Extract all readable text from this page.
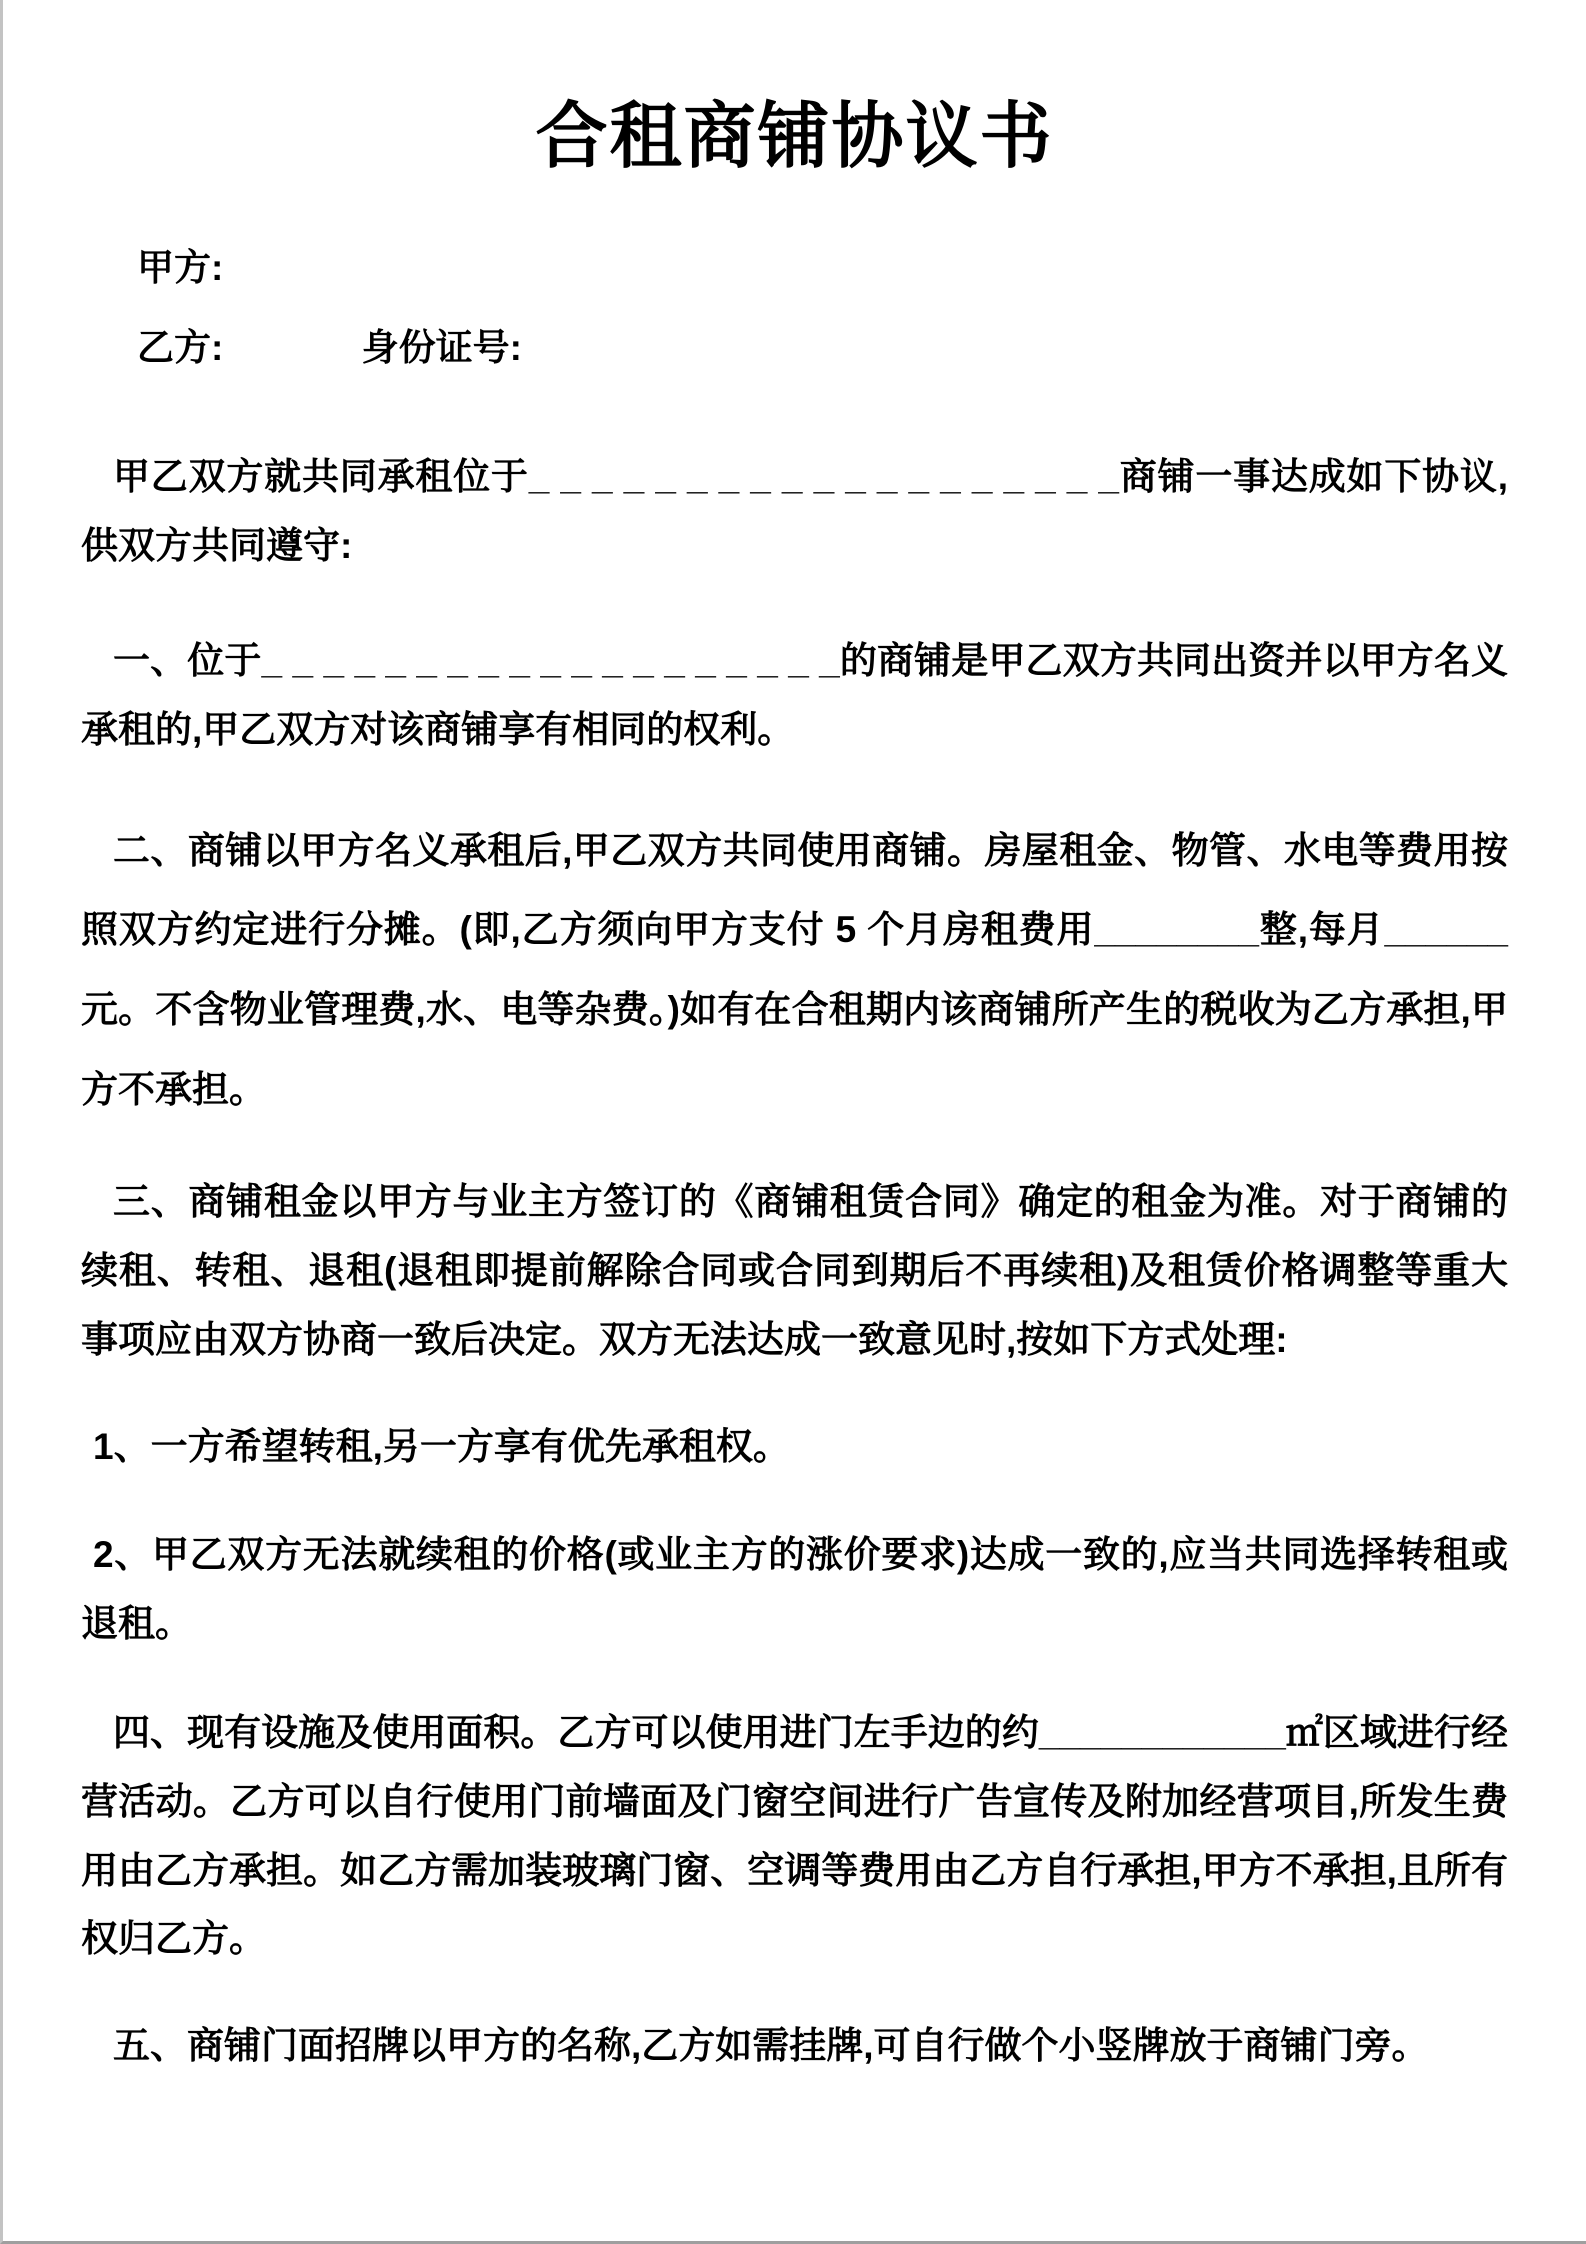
合租商铺协议书

甲方:

乙方:	身份证号:

甲乙双方就共同承租位于_ _ _ _ _ _ _ _ _ _ _ _ _ _ _ _ _ _ _商铺一事达成如下协议,供双方共同遵守:

一、位于_ _ _ _ _ _ _ _ _ _ _ _ _ _ _ _ _ _ _的商铺是甲乙双方共同出资并以甲方名义承租的,甲乙双方对该商铺享有相同的权利。

二、商铺以甲方名义承租后,甲乙双方共同使用商铺。房屋租金、物管、水电等费用按照双方约定进行分摊。(即,乙方须向甲方支付 5 个月房租费用________整,每月______元。不含物业管理费,水、电等杂费。)如有在合租期内该商铺所产生的税收为乙方承担,甲方不承担。

三、商铺租金以甲方与业主方签订的《商铺租赁合同》确定的租金为准。对于商铺的续租、转租、退租(退租即提前解除合同或合同到期后不再续租)及租赁价格调整等重大事项应由双方协商一致后决定。双方无法达成一致意见时,按如下方式处理:

1、一方希望转租,另一方享有优先承租权。

2、甲乙双方无法就续租的价格(或业主方的涨价要求)达成一致的,应当共同选择转租或退租。

四、现有设施及使用面积。乙方可以使用进门左手边的约____________㎡区域进行经营活动。乙方可以自行使用门前墙面及门窗空间进行广告宣传及附加经营项目,所发生费用由乙方承担。如乙方需加装玻璃门窗、空调等费用由乙方自行承担,甲方不承担,且所有权归乙方。

五、商铺门面招牌以甲方的名称,乙方如需挂牌,可自行做个小竖牌放于商铺门旁。
